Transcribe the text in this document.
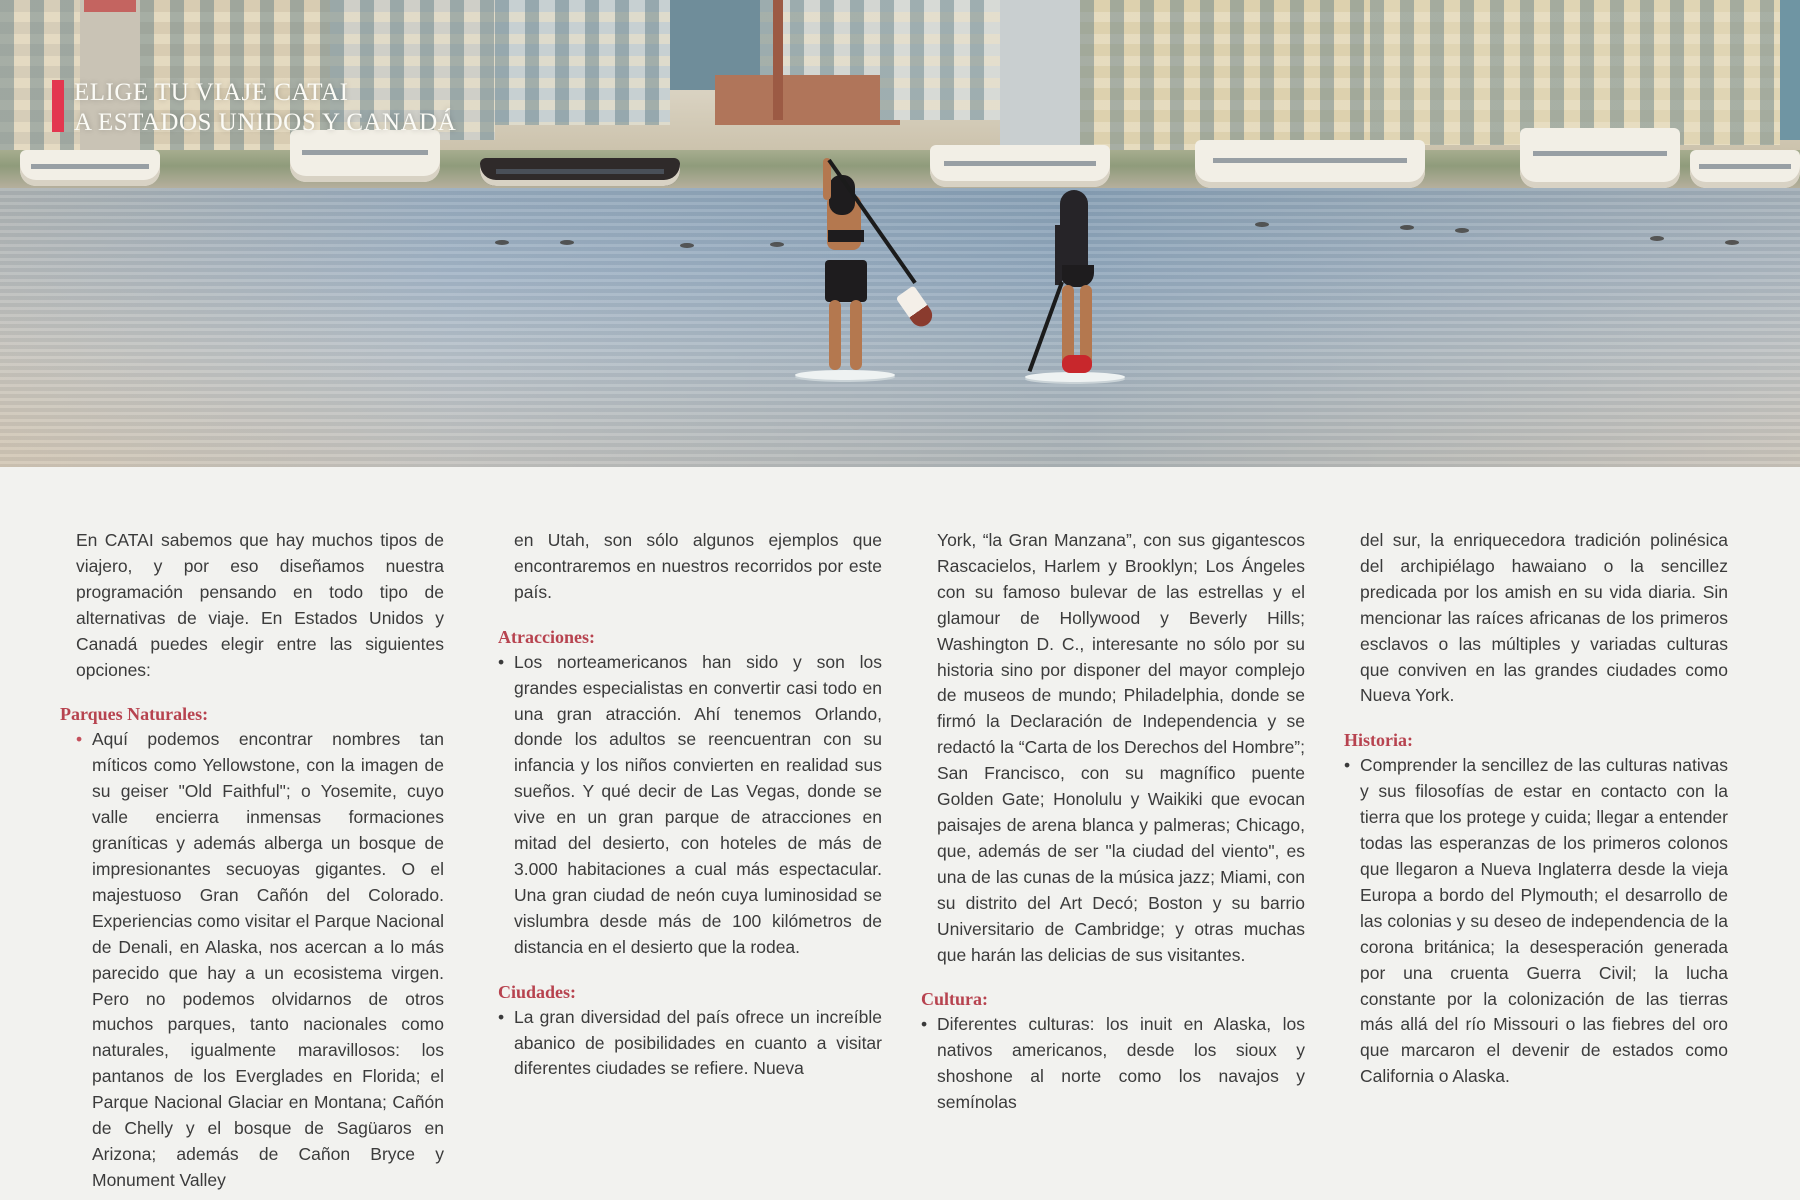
ELIGE TU VIAJE CATAI
A ESTADOS UNIDOS Y CANADÁ

En CATAI sabemos que hay muchos tipos de viajero, y por eso diseñamos nuestra programación pensando en todo tipo de alternativas de viaje. En Estados Unidos y Canadá puedes elegir entre las siguientes opciones:

Parques Naturales:
• Aquí podemos encontrar nombres tan míticos como Yellowstone, con la imagen de su geiser "Old Faithful"; o Yosemite, cuyo valle encierra inmensas formaciones graníticas y además alberga un bosque de impresionantes secuoyas gigantes. O el majestuoso Gran Cañón del Colorado. Experiencias como visitar el Parque Nacional de Denali, en Alaska, nos acercan a lo más parecido que hay a un ecosistema virgen. Pero no podemos olvidarnos de otros muchos parques, tanto nacionales como naturales, igualmente maravillosos: los pantanos de los Everglades en Florida; el Parque Nacional Glaciar en Montana; Cañón de Chelly y el bosque de Sagüaros en Arizona; además de Cañon Bryce y Monument Valley

en Utah, son sólo algunos ejemplos que encontraremos en nuestros recorridos por este país.

Atracciones:
• Los norteamericanos han sido y son los grandes especialistas en convertir casi todo en una gran atracción. Ahí tenemos Orlando, donde los adultos se reencuentran con su infancia y los niños convierten en realidad sus sueños. Y qué decir de Las Vegas, donde se vive en un gran parque de atracciones en mitad del desierto, con hoteles de más de 3.000 habitaciones a cual más espectacular. Una gran ciudad de neón cuya luminosidad se vislumbra desde más de 100 kilómetros de distancia en el desierto que la rodea.

Ciudades:
• La gran diversidad del país ofrece un increíble abanico de posibilidades en cuanto a visitar diferentes ciudades se refiere. Nueva

York, “la Gran Manzana”, con sus gigantescos Rascacielos, Harlem y Brooklyn; Los Ángeles con su famoso bulevar de las estrellas y el glamour de Hollywood y Beverly Hills; Washington D. C., interesante no sólo por su historia sino por disponer del mayor complejo de museos de mundo; Philadelphia, donde se firmó la Declaración de Independencia y se redactó la “Carta de los Derechos del Hombre”; San Francisco, con su magnífico puente Golden Gate; Honolulu y Waikiki que evocan paisajes de arena blanca y palmeras; Chicago, que, además de ser "la ciudad del viento", es una de las cunas de la música jazz; Miami, con su distrito del Art Decó; Boston y su barrio Universitario de Cambridge; y otras muchas que harán las delicias de sus visitantes.

Cultura:
• Diferentes culturas: los inuit en Alaska, los nativos americanos, desde los sioux y shoshone al norte como los navajos y semínolas

del sur, la enriquecedora tradición polinésica del archipiélago hawaiano o la sencillez predicada por los amish en su vida diaria. Sin mencionar las raíces africanas de los primeros esclavos o las múltiples y variadas culturas que conviven en las grandes ciudades como Nueva York.

Historia:
• Comprender la sencillez de las culturas nativas y sus filosofías de estar en contacto con la tierra que los protege y cuida; llegar a entender todas las esperanzas de los primeros colonos que llegaron a Nueva Inglaterra desde la vieja Europa a bordo del Plymouth; el desarrollo de las colonias y su deseo de independencia de la corona británica; la desesperación generada por una cruenta Guerra Civil; la lucha constante por la colonización de las tierras más allá del río Missouri o las fiebres del oro que marcaron el devenir de estados como California o Alaska.
